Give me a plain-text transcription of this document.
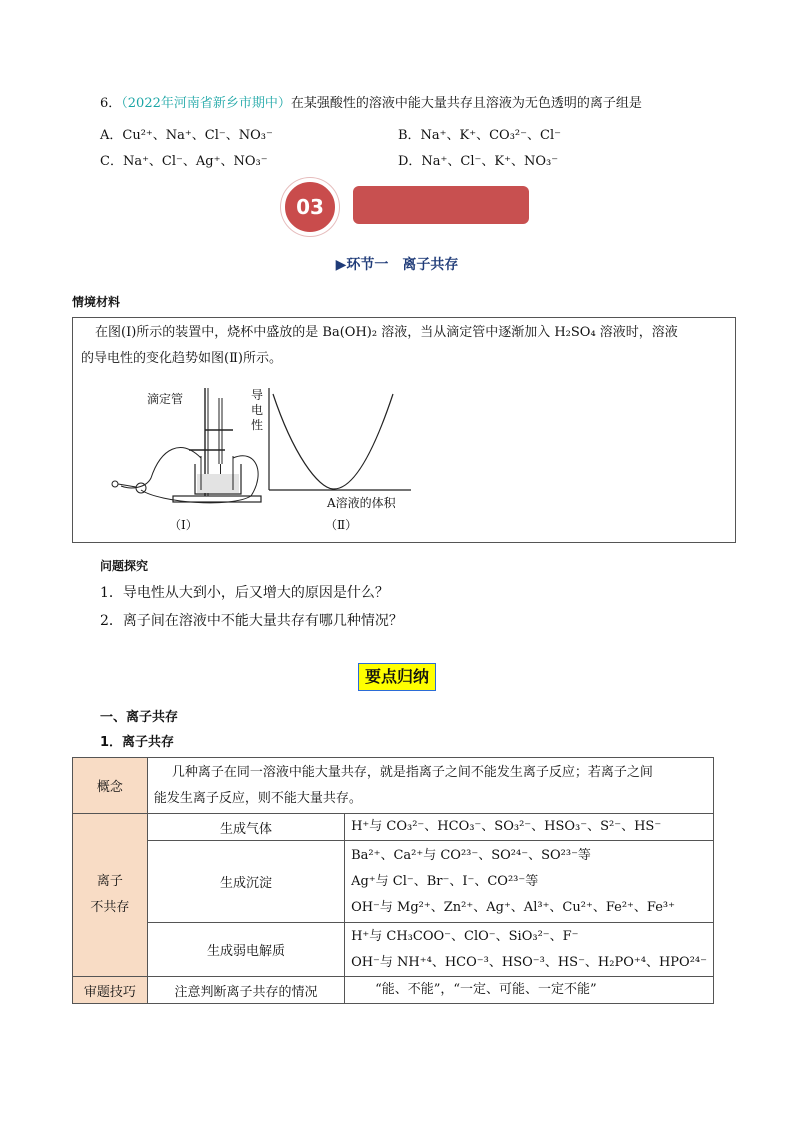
6．（2022年河南省新乡市期中）在某强酸性的溶液中能大量共存且溶液为无色透明的离子组是
A．Cu²⁺、Na⁺、Cl⁻、NO₃⁻	B．Na⁺、K⁺、CO₃²⁻、Cl⁻
C．Na⁺、Cl⁻、Ag⁺、NO₃⁻	D．Na⁺、Cl⁻、K⁺、NO₃⁻
03
▶环节一　离子共存
情境材料
在图(Ⅰ)所示的装置中，烧杯中盛放的是 Ba(OH)₂ 溶液，当从滴定管中逐渐加入 H₂SO₄ 溶液时，溶液
的导电性的变化趋势如图(Ⅱ)所示。
滴定管
（Ⅰ）
导电性
A溶液的体积
（Ⅱ）
问题探究
1．导电性从大到小，后又增大的原因是什么？
2．离子间在溶液中不能大量共存有哪几种情况？
要点归纳
一、离子共存
1．离子共存
概念	几种离子在同一溶液中能大量共存，就是指离子之间不能发生离子反应；若离子之间
能发生离子反应，则不能大量共存。	

离子
不共存	生成气体	H⁺与 CO₃²⁻、HCO₃⁻、SO₃²⁻、HSO₃⁻、S²⁻、HS⁻
	生成沉淀	Ba²⁺、Ca²⁺与 CO²³⁻、SO²⁴⁻、SO²³⁻等
Ag⁺与 Cl⁻、Br⁻、I⁻、CO²³⁻等
OH⁻与 Mg²⁺、Zn²⁺、Ag⁺、Al³⁺、Cu²⁺、Fe²⁺、Fe³⁺

	生成弱电解质	H⁺与 CH₃COO⁻、ClO⁻、SiO₃²⁻、F⁻
OH⁻与 NH⁺⁴、HCO⁻³、HSO⁻³、HS⁻、H₂PO⁺⁴、HPO²⁴⁻

审题技巧	注意判断离子共存的情况	“能、不能”，“一定、可能、一定不能”
